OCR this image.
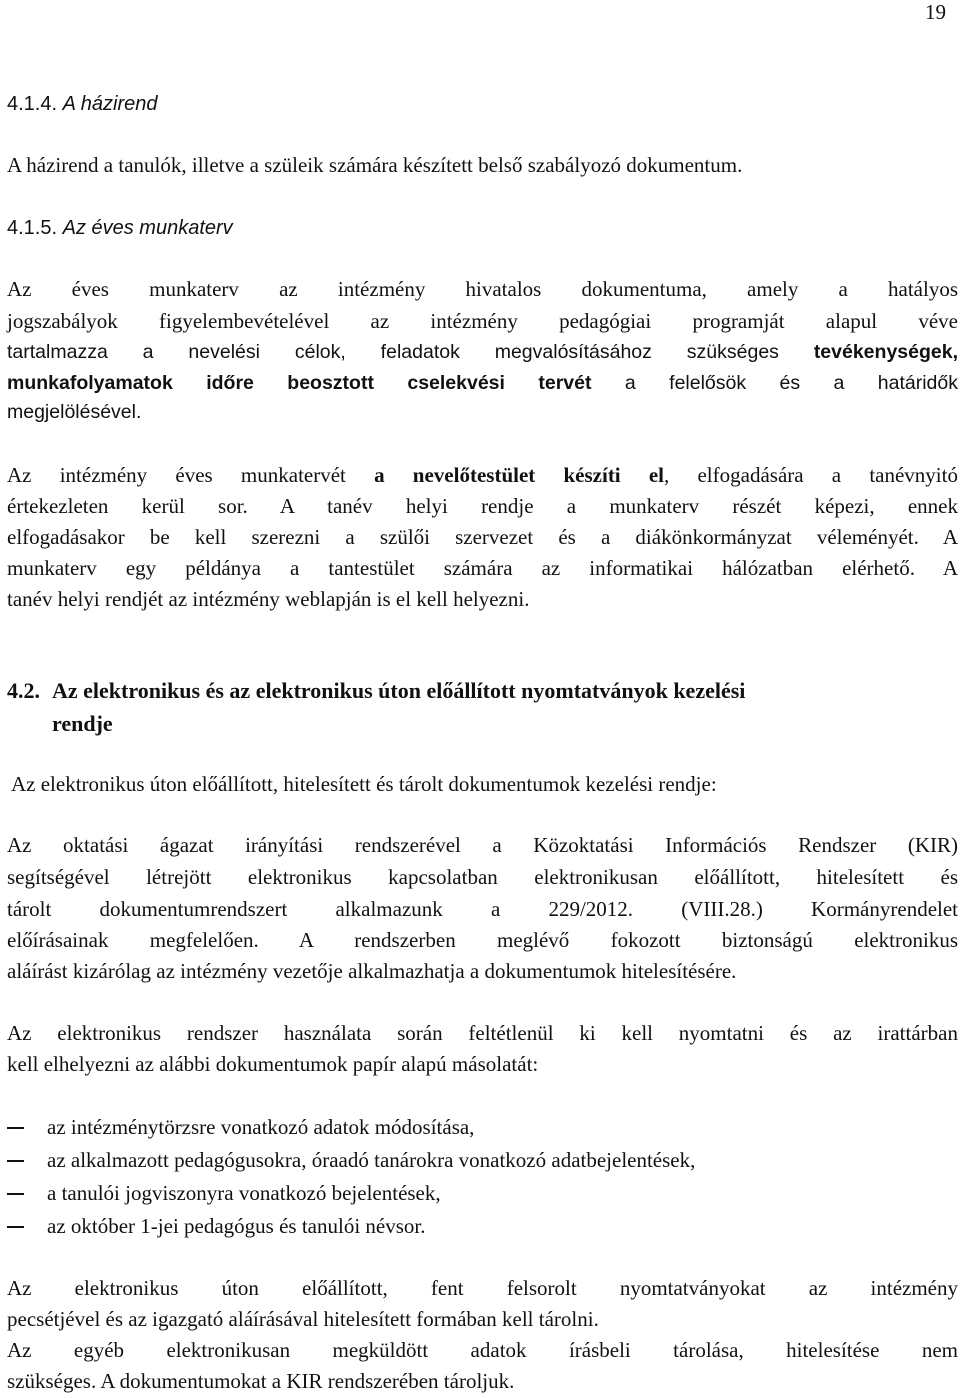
19

4.1.4. A házirend

A házirend a tanulók, illetve a szüleik számára készített belső szabályozó dokumentum.

4.1.5. Az éves munkaterv

Az éves munkaterv az intézmény hivatalos dokumentuma, amely a hatályos

jogszabályok figyelembevételével az intézmény pedagógiai programját alapul véve

tartalmazza a nevelési célok, feladatok megvalósításához szükséges tevékenységek,

munkafolyamatok időre beosztott cselekvési tervét a felelősök és a határidők

megjelölésével.

Az intézmény éves munkatervét a nevelőtestület készíti el, elfogadására a tanévnyitó

értekezleten kerül sor. A tanév helyi rendje a munkaterv részét képezi, ennek

elfogadásakor be kell szerezni a szülői szervezet és a diákönkormányzat véleményét. A

munkaterv egy példánya a tantestület számára az informatikai hálózatban elérhető. A

tanév helyi rendjét az intézmény weblapján is el kell helyezni.

4.2. Az elektronikus és az elektronikus úton előállított nyomtatványok kezelési

rendje

Az elektronikus úton előállított, hitelesített és tárolt dokumentumok kezelési rendje:

Az oktatási ágazat irányítási rendszerével a Közoktatási Információs Rendszer (KIR)

segítségével létrejött elektronikus kapcsolatban elektronikusan előállított, hitelesített és

tárolt dokumentumrendszert alkalmazunk a 229/2012. (VIII.28.) Kormányrendelet

előírásainak megfelelően. A rendszerben meglévő fokozott biztonságú elektronikus

aláírást kizárólag az intézmény vezetője alkalmazhatja a dokumentumok hitelesítésére.

Az elektronikus rendszer használata során feltétlenül ki kell nyomtatni és az irattárban

kell elhelyezni az alábbi dokumentumok papír alapú másolatát:

az intézménytörzsre vonatkozó adatok módosítása,
az alkalmazott pedagógusokra, óraadó tanárokra vonatkozó adatbejelentések,
a tanulói jogviszonyra vonatkozó bejelentések,
az október 1-jei pedagógus és tanulói névsor.

Az elektronikus úton előállított, fent felsorolt nyomtatványokat az intézmény

pecsétjével és az igazgató aláírásával hitelesített formában kell tárolni.

Az egyéb elektronikusan megküldött adatok írásbeli tárolása, hitelesítése nem

szükséges. A dokumentumokat a KIR rendszerében tároljuk.
